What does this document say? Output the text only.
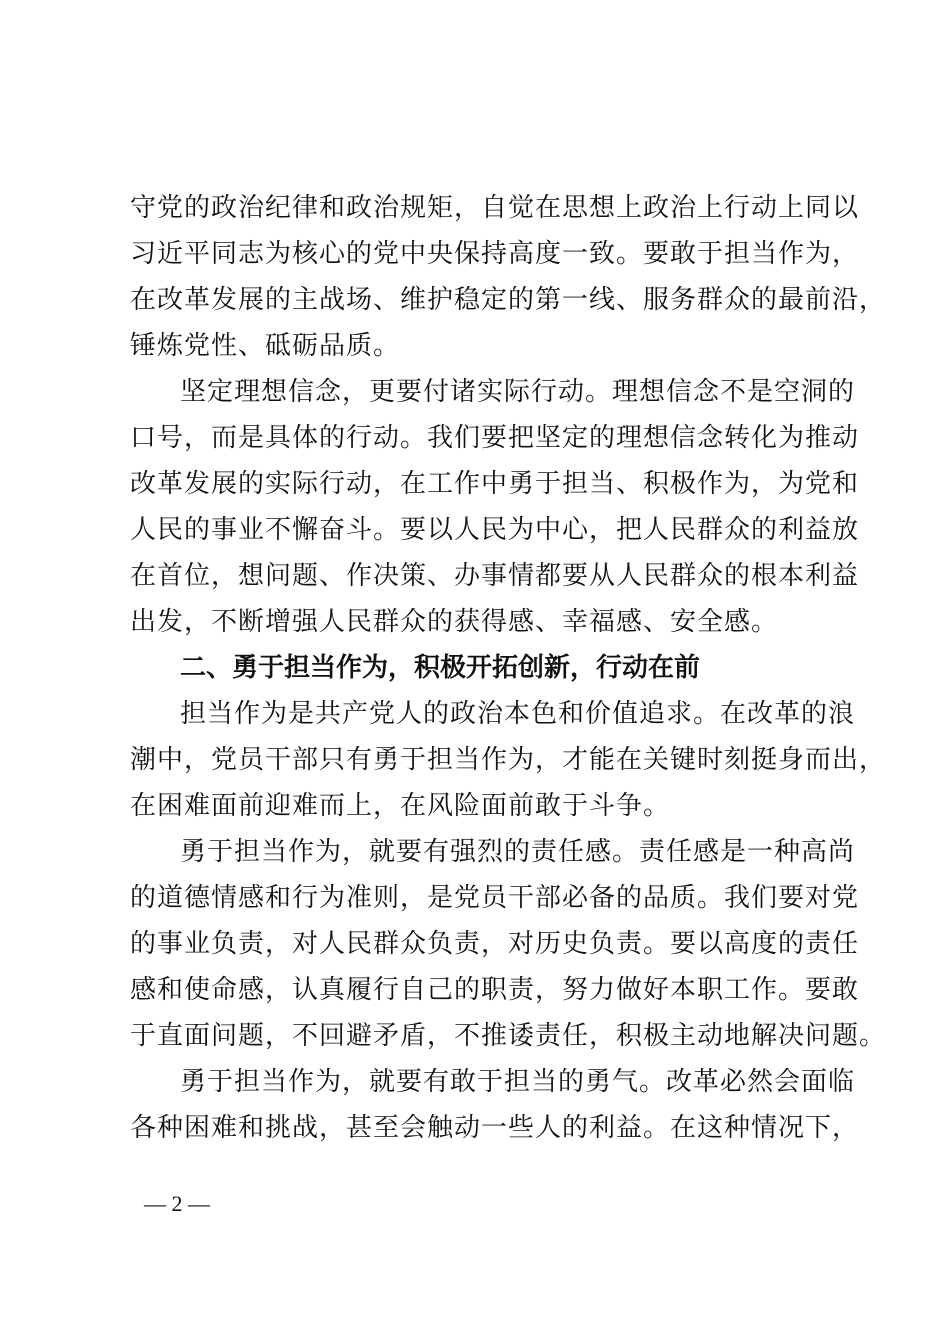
守党的政治纪律和政治规矩，自觉在思想上政治上行动上同以
习近平同志为核心的党中央保持高度一致。要敢于担当作为，
在改革发展的主战场、维护稳定的第一线、服务群众的最前沿，
锤炼党性、砥砺品质。
坚定理想信念，更要付诸实际行动。理想信念不是空洞的
口号，而是具体的行动。我们要把坚定的理想信念转化为推动
改革发展的实际行动，在工作中勇于担当、积极作为，为党和
人民的事业不懈奋斗。要以人民为中心，把人民群众的利益放
在首位，想问题、作决策、办事情都要从人民群众的根本利益
出发，不断增强人民群众的获得感、幸福感、安全感。
二、勇于担当作为，积极开拓创新，行动在前
担当作为是共产党人的政治本色和价值追求。在改革的浪
潮中，党员干部只有勇于担当作为，才能在关键时刻挺身而出，
在困难面前迎难而上，在风险面前敢于斗争。
勇于担当作为，就要有强烈的责任感。责任感是一种高尚
的道德情感和行为准则，是党员干部必备的品质。我们要对党
的事业负责，对人民群众负责，对历史负责。要以高度的责任
感和使命感，认真履行自己的职责，努力做好本职工作。要敢
于直面问题，不回避矛盾，不推诿责任，积极主动地解决问题。
勇于担当作为，就要有敢于担当的勇气。改革必然会面临
各种困难和挑战，甚至会触动一些人的利益。在这种情况下，
— 2 —
